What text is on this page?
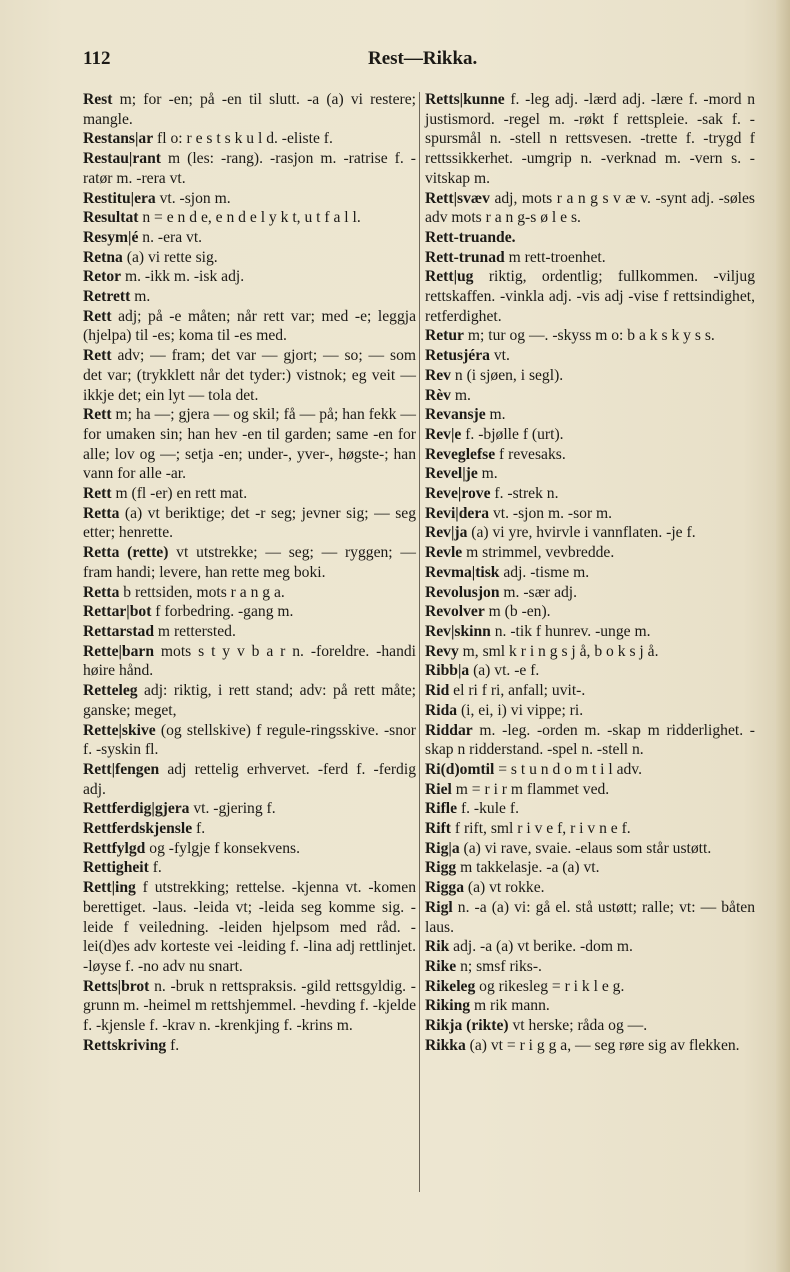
112	Rest—Rikka.

Rest m; for -en; på -en til slutt. -a (a) vi restere; mangle.

Restans|ar fl o: r e s t s k u l d. -eliste f.

Restau|rant m (les: -rang). -rasjon m. -ratrise f. -ratør m. -rera vt.

Restitu|era vt. -sjon m.

Resultat n = e n d e, e n d e l y k t, u t f a l l.

Resym|é n. -era vt.

Retna (a) vi rette sig.

Retor m. -ikk m. -isk adj.

Retrett m.

Rett adj; på -e måten; når rett var; med -e; leggja (hjelpa) til -es; koma til -es med.

Rett adv; — fram; det var — gjort; — so; — som det var; (trykklett når det tyder:) vistnok; eg veit — ikkje det; ein lyt — tola det.

Rett m; ha —; gjera — og skil; få — på; han fekk — for umaken sin; han hev -en til garden; same -en for alle; lov og —; setja -en; under-, yver-, høgste-; han vann for alle -ar.

Rett m (fl -er) en rett mat.

Retta (a) vt beriktige; det -r seg; jevner sig; — seg etter; henrette.

Retta (rette) vt utstrekke; — seg; — ryggen; — fram handi; levere, han rette meg boki.

Retta b rettsiden, mots r a n g a.

Rettar|bot f forbedring. -gang m.

Rettarstad m rettersted.

Rette|barn mots s t y v b a r n. -foreldre. -handi høire hånd.

Retteleg adj: riktig, i rett stand; adv: på rett måte; ganske; meget,

Rette|skive (og stellskive) f regule-ringsskive. -snor f. -syskin fl.

Rett|fengen adj rettelig erhvervet. -ferd f. -ferdig adj.

Rettferdig|gjera vt. -gjering f.

Rettferdskjensle f.

Rettfylgd og -fylgje f konsekvens.

Rettigheit f.

Rett|ing f utstrekking; rettelse. -kjenna vt. -komen berettiget. -laus. -leida vt; -leida seg komme sig. -leide f veiledning. -leiden hjelpsom med råd. -lei(d)es adv korteste vei -leiding f. -lina adj rettlinjet. -løyse f. -no adv nu snart.

Retts|brot n. -bruk n rettspraksis. -gild rettsgyldig. -grunn m. -heimel m rettshjemmel. -hevding f. -kjelde f. -kjensle f. -krav n. -krenkjing f. -krins m.

Rettskriving f.

Retts|kunne f. -leg adj. -lærd adj. -lære f. -mord n justismord. -regel m. -røkt f rettspleie. -sak f. -spursmål n. -stell n rettsvesen. -trette f. -trygd f rettssikkerhet. -umgrip n. -verknad m. -vern s. -vitskap m.

Rett|svæv adj, mots r a n g s v æ v. -synt adj. -søles adv mots r a n g-s ø l e s.

Rett-truande.

Rett-trunad m rett-troenhet.

Rett|ug riktig, ordentlig; fullkommen. -viljug rettskaffen. -vinkla adj. -vis adj -vise f rettsindighet, retferdighet.

Retur m; tur og —. -skyss m o: b a k s k y s s.

Retusjéra vt.

Rev n (i sjøen, i segl).

Rèv m.

Revansje m.

Rev|e f. -bjølle f (urt).

Reveglefse f revesaks.

Revel|je m.

Reve|rove f. -strek n.

Revi|dera vt. -sjon m. -sor m.

Rev|ja (a) vi yre, hvirvle i vannflaten. -je f.

Revle m strimmel, vevbredde.

Revma|tisk adj. -tisme m.

Revolusjon m. -sær adj.

Revolver m (b -en).

Rev|skinn n. -tik f hunrev. -unge m.

Revy m, sml k r i n g s j å, b o k s j å.

Ribb|a (a) vt. -e f.

Rid el ri f ri, anfall; uvit-.

Rida (i, ei, i) vi vippe; ri.

Riddar m. -leg. -orden m. -skap m ridderlighet. -skap n ridderstand. -spel n. -stell n.

Ri(d)omtil = s t u n d o m t i l adv.

Riel m = r i r m flammet ved.

Rifle f. -kule f.

Rift f rift, sml r i v e f, r i v n e f.

Rig|a (a) vi rave, svaie. -elaus som står ustøtt.

Rigg m takkelasje. -a (a) vt.

Rigga (a) vt rokke.

Rigl n. -a (a) vi: gå el. stå ustøtt; ralle; vt: — båten laus.

Rik adj. -a (a) vt berike. -dom m.

Rike n; smsf riks-.

Rikeleg og rikesleg = r i k l e g.

Riking m rik mann.

Rikja (rikte) vt herske; råda og —.

Rikka (a) vt = r i g g a, — seg røre sig av flekken.
